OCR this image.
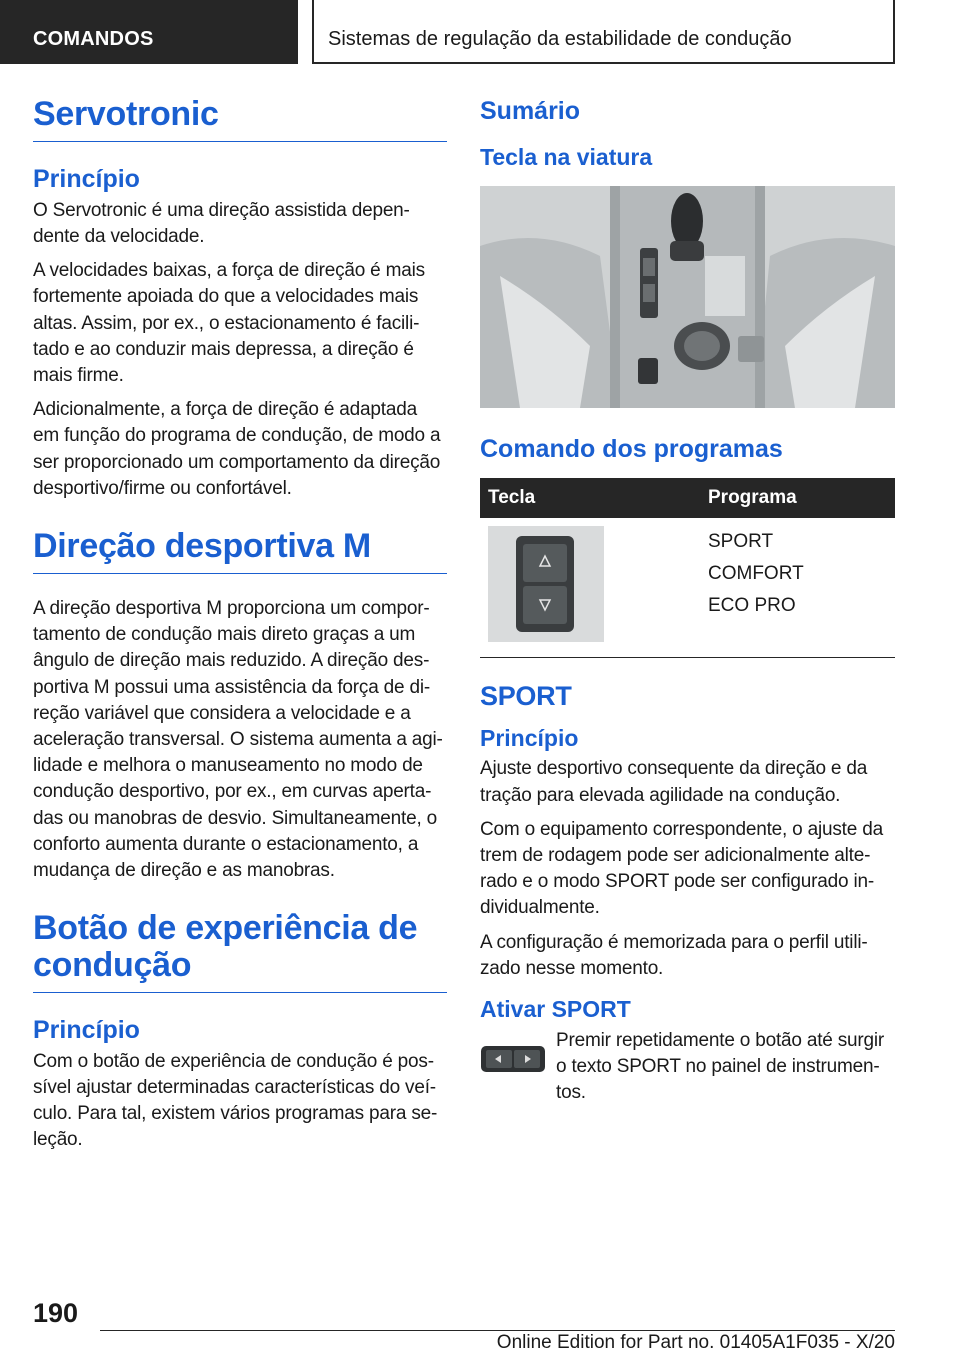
COMANDOS	Sistemas de regulação da estabilidade de condução
Servotronic
Princípio

O Servotronic é uma direção assistida dependente da velocidade.

A velocidades baixas, a força de direção é mais fortemente apoiada do que a velocidades mais altas. Assim, por ex., o estacionamento é facilitado e ao conduzir mais depressa, a direção é mais firme.

Adicionalmente, a força de direção é adaptada em função do programa de condução, de modo a ser proporcionado um comportamento da direção desportivo/firme ou confortável.

Direção desportiva M

A direção desportiva M proporciona um comportamento de condução mais direto graças a um ângulo de direção mais reduzido. A direção desportiva M possui uma assistência da força de direção variável que considera a velocidade e a aceleração transversal. O sistema aumenta a agilidade e melhora o manuseamento no modo de condução desportivo, por ex., em curvas apertadas ou manobras de desvio. Simultaneamente, o conforto aumenta durante o estacionamento, a mudança de direção e as manobras.

Botão de experiência de condução
Princípio

Com o botão de experiência de condução é possível ajustar determinadas características do veículo. Para tal, existem vários programas para seleção.

Sumário
Tecla na viatura
Comando dos programas
Tecla	Programa

SPORT
COMFORT
ECO PRO
SPORT
Princípio

Ajuste desportivo consequente da direção e da tração para elevada agilidade na condução.

Com o equipamento correspondente, o ajuste da trem de rodagem pode ser adicionalmente alterado e o modo SPORT pode ser configurado individualmente.

A configuração é memorizada para o perfil utilizado nesse momento.

Ativar SPORT

Premir repetidamente o botão até surgir o texto SPORT no painel de instrumentos.

190
Online Edition for Part no. 01405A1F035 - X/20
